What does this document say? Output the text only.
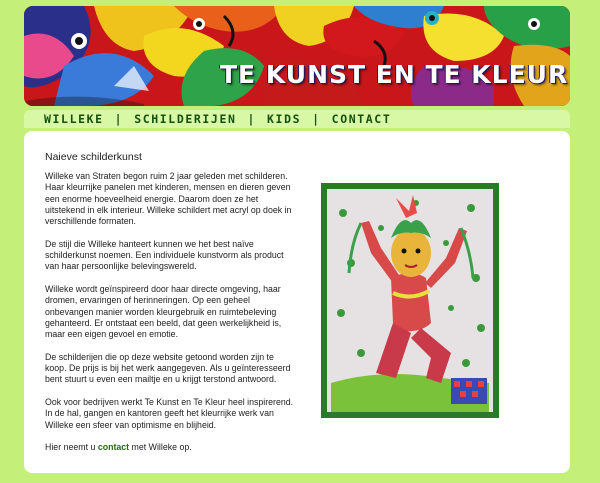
TE KUNST EN TE KLEUR
WILLEKE | SCHILDERIJEN | KIDS | CONTACT
Naieve schilderkunst

Willeke van Straten begon ruim 2 jaar geleden met schilderen. Haar kleurrijke panelen met kinderen, mensen en dieren geven een enorme hoeveelheid energie. Daarom doen ze het uitstekend in elk interieur. Willeke schildert met acryl op doek in verschillende formaten.

De stijl die Willeke hanteert kunnen we het best naïve schilderkunst noemen. Een individuele kunstvorm als product van haar persoonlijke belevingswereld.

Willeke wordt geïnspireerd door haar directe omgeving, haar dromen, ervaringen of herinneringen. Op een geheel onbevangen manier worden kleurgebruik en ruimtebeleving gehanteerd. Er ontstaat een beeld, dat geen werkelijkheid is, maar een eigen gevoel en emotie.

De schilderijen die op deze website getoond worden zijn te koop. De prijs is bij het werk aangegeven. Als u geïnteresseerd bent stuurt u even een mailtje en u krijgt terstond antwoord.

Ook voor bedrijven werkt Te Kunst en Te Kleur heel inspirerend. In de hal, gangen en kantoren geeft het kleurrijke werk van Willeke een sfeer van optimisme en blijheid.

Hier neemt u contact met Willeke op.
